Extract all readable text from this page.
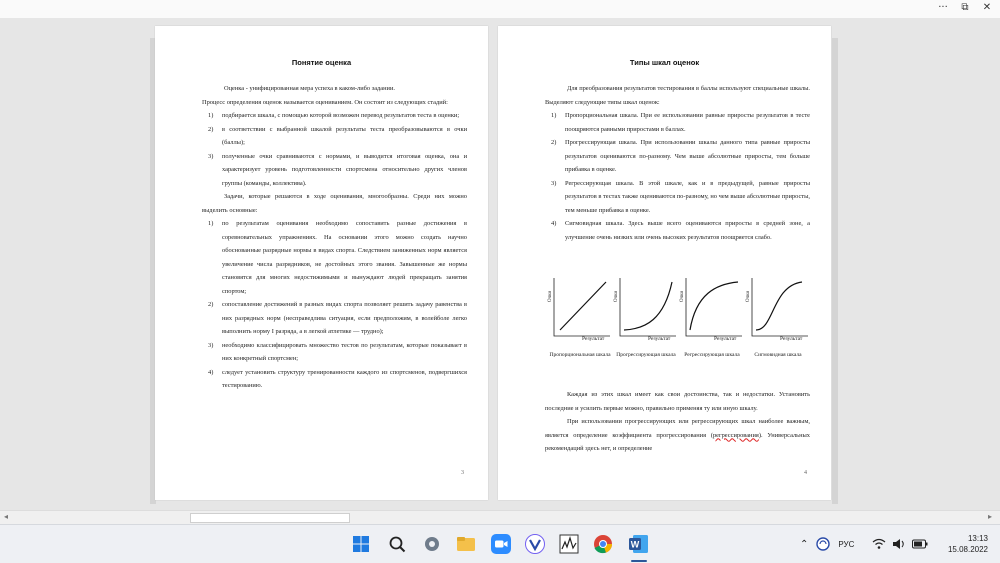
···	⧉	✕
Понятие оценка

Оценка - унифицированная мера успеха в каком-либо задании.

Процесс определения оценок называется оцениванием. Он состоит из следующих стадий:

1) подбирается шкала, с помощью которой возможен перевод результатов теста в оценки;
2) в соответствии с выбранной шкалой результаты теста преобразовываются в очки (баллы);
3) полученные очки сравниваются с нормами, и выводится итоговая оценка, она и характеризует уровень подготовленности спортсмена относительно других членов группы (команды, коллектива).

Задачи, которые решаются в ходе оценивания, многообразны. Среди них можно выделить основные:

1) по результатам оценивания необходимо сопоставить разные достижения в соревновательных упражнениях. На основании этого можно создать научно обоснованные разрядные нормы в видах спорта. Следствием заниженных норм является увеличение числа разрядников, не достойных этого звания. Завышенные же нормы становятся для многих недостижимыми и вынуждают людей прекращать занятия спортом;
2) сопоставление достижений в разных видах спорта позволяет решить задачу равенства в них разрядных норм (несправедлива ситуация, если предположим, в волейболе легко выполнить норму I разряда, а в легкой атлетике — трудно);
3) необходимо классифицировать множество тестов по результатам, которые показывает в них конкретный спортсмен;
4) следует установить структуру тренированности каждого из спортсменов, подвергшихся тестированию.
3
Типы шкал оценок

Для преобразования результатов тестирования в баллы используют специальные шкалы. Выделяют следующие типы шкал оценок:

1) Пропорциональная шкала. При ее использовании равные приросты результатов в тесте поощряются равными приростами в баллах.
2) Прогрессирующая шкала. При использовании шкалы данного типа равные приросты результатов оцениваются по-разному. Чем выше абсолютные приросты, тем больше прибавка в оценке.
3) Регрессирующая шкала. В этой шкале, как и в предыдущей, равные приросты результатов в тестах также оцениваются по-разному, но чем выше абсолютные приросты, тем меньше прибавка в оценке.
4) Сигмовидная шкала. Здесь выше всего оцениваются приросты в средней зоне, а улучшение очень низких или очень высоких результатов поощряется слабо.
Очки
Результат
Пропорциональная шкала
Очки
Результат
Прогрессирующая шкала
Очки
Результат
Регрессирующая шкала
Очки
Результат
Сигмовидная шкала

Каждая из этих шкал имеет как свои достоинства, так и недостатки. Установить последние и усилить первые можно, правильно применяя ту или иную шкалу.

При использовании прогрессирующих или регрессирующих шкал наиболее важным, является определение коэффициента прогрессирования (регрессирования). Универсальных рекомендаций здесь нет, и определение

4
◂	▸
W	⌃	РУС
13:13
15.08.2022
